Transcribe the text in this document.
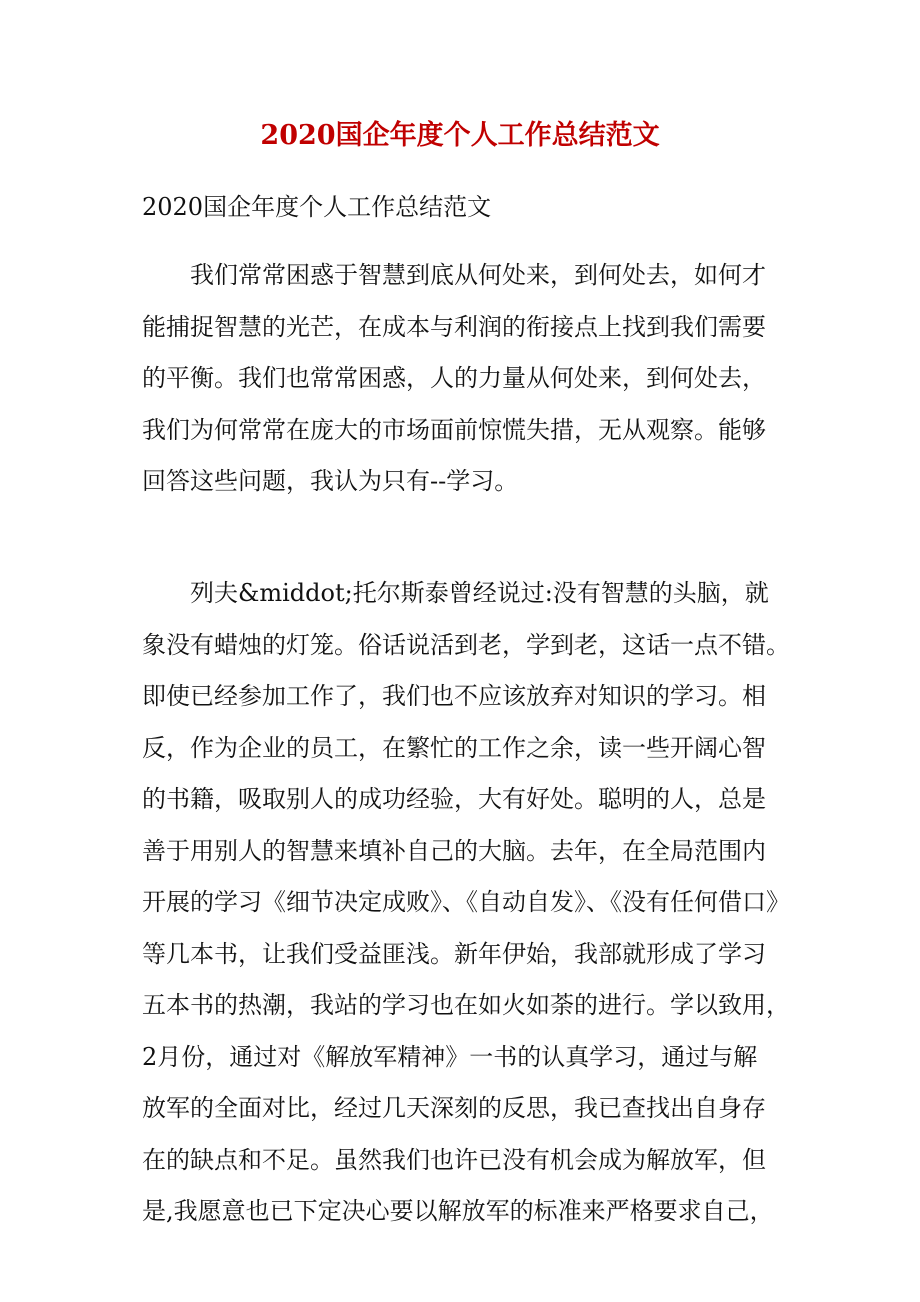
2020国企年度个人工作总结范文

2020国企年度个人工作总结范文

我们常常困惑于智慧到底从何处来，到何处去，如何才
能捕捉智慧的光芒，在成本与利润的衔接点上找到我们需要
的平衡。我们也常常困惑，人的力量从何处来，到何处去，
我们为何常常在庞大的市场面前惊慌失措，无从观察。能够
回答这些问题，我认为只有--学习。
列夫&middot;托尔斯泰曾经说过:没有智慧的头脑，就
象没有蜡烛的灯笼。俗话说活到老，学到老，这话一点不错。
即使已经参加工作了，我们也不应该放弃对知识的学习。相
反，作为企业的员工，在繁忙的工作之余，读一些开阔心智
的书籍，吸取别人的成功经验，大有好处。聪明的人，总是
善于用别人的智慧来填补自己的大脑。去年，在全局范围内
开展的学习《细节决定成败》、《自动自发》、《没有任何借口》
等几本书，让我们受益匪浅。新年伊始，我部就形成了学习
五本书的热潮，我站的学习也在如火如荼的进行。学以致用，
2月份，通过对《解放军精神》一书的认真学习，通过与解
放军的全面对比，经过几天深刻的反思，我已查找出自身存
在的缺点和不足。虽然我们也许已没有机会成为解放军，但
是,我愿意也已下定决心要以解放军的标准来严格要求自己，
